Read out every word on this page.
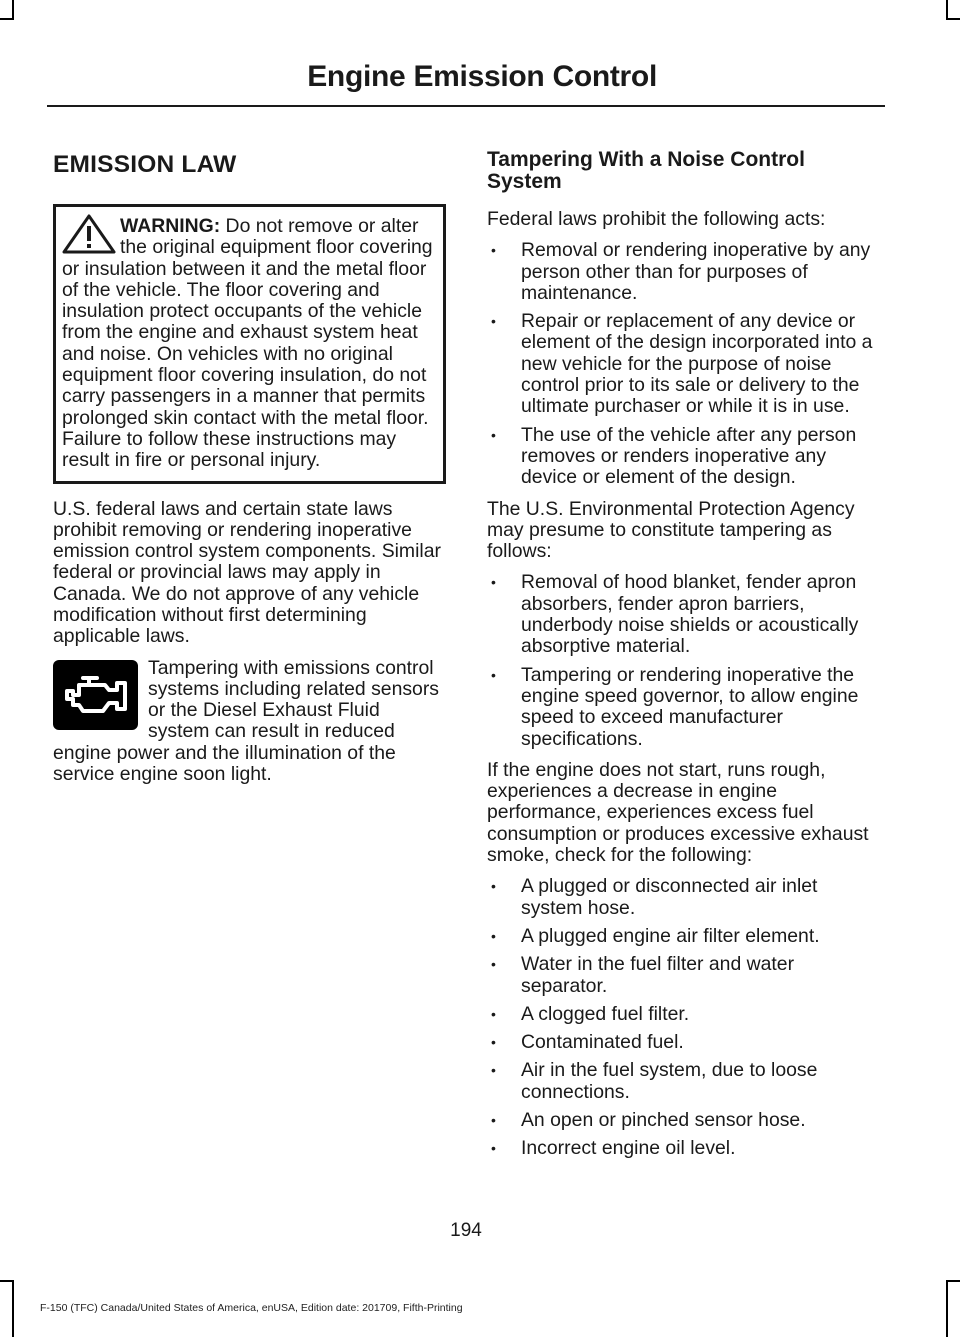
Engine Emission Control
EMISSION LAW
WARNING: Do not remove or alter the original equipment floor covering or insulation between it and the metal floor of the vehicle. The floor covering and insulation protect occupants of the vehicle from the engine and exhaust system heat and noise. On vehicles with no original equipment floor covering insulation, do not carry passengers in a manner that permits prolonged skin contact with the metal floor. Failure to follow these instructions may result in fire or personal injury.

U.S. federal laws and certain state laws prohibit removing or rendering inoperative emission control system components. Similar federal or provincial laws may apply in Canada. We do not approve of any vehicle modification without first determining applicable laws.

Tampering with emissions control systems including related sensors or the Diesel Exhaust Fluid system can result in reduced engine power and the illumination of the service engine soon light.

Tampering With a Noise Control System

Federal laws prohibit the following acts:

• Removal or rendering inoperative by any person other than for purposes of maintenance.
• Repair or replacement of any device or element of the design incorporated into a new vehicle for the purpose of noise control prior to its sale or delivery to the ultimate purchaser or while it is in use.
• The use of the vehicle after any person removes or renders inoperative any device or element of the design.

The U.S. Environmental Protection Agency may presume to constitute tampering as follows:

• Removal of hood blanket, fender apron absorbers, fender apron barriers, underbody noise shields or acoustically absorptive material.
• Tampering or rendering inoperative the engine speed governor, to allow engine speed to exceed manufacturer specifications.

If the engine does not start, runs rough, experiences a decrease in engine performance, experiences excess fuel consumption or produces excessive exhaust smoke, check for the following:

• A plugged or disconnected air inlet system hose.
• A plugged engine air filter element.
• Water in the fuel filter and water separator.
• A clogged fuel filter.
• Contaminated fuel.
• Air in the fuel system, due to loose connections.
• An open or pinched sensor hose.
• Incorrect engine oil level.
194
F-150 (TFC) Canada/United States of America, enUSA, Edition date: 201709, Fifth-Printing
